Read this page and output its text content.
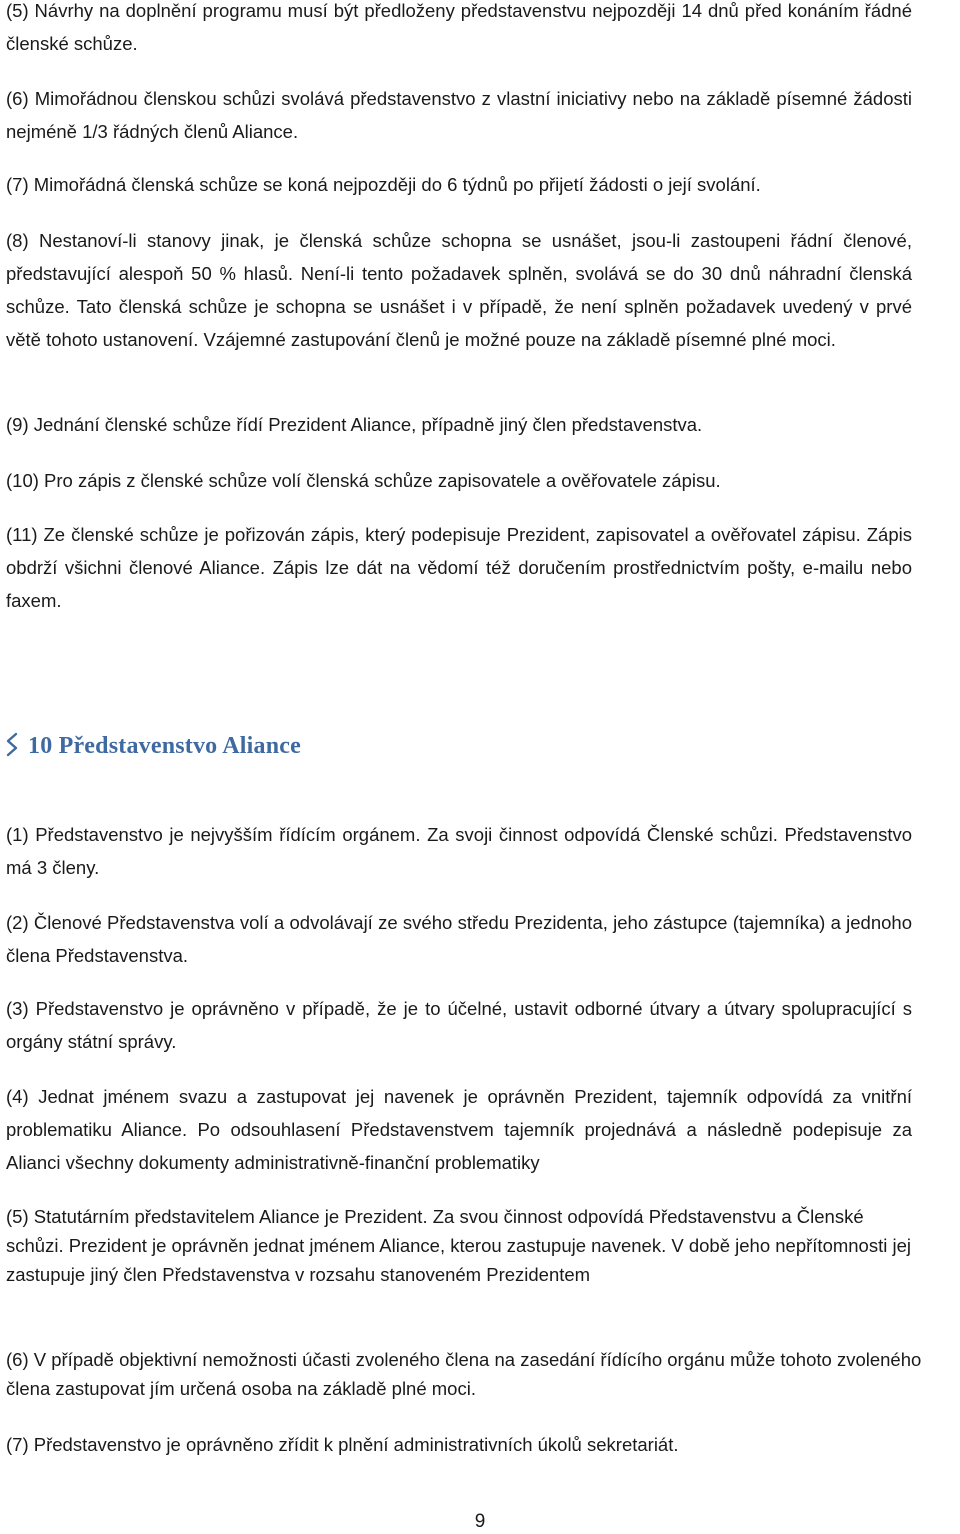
(5) Návrhy na doplnění programu musí být předloženy představenstvu nejpozději 14 dnů před konáním řádné členské schůze.

(6) Mimořádnou členskou schůzi svolává představenstvo z vlastní iniciativy nebo na základě písemné žádosti nejméně 1/3 řádných členů Aliance.

(7) Mimořádná členská schůze se koná nejpozději do 6 týdnů po přijetí žádosti o její svolání.

(8) Nestanoví-li stanovy jinak, je členská schůze schopna se usnášet, jsou-li zastoupeni řádní členové, představující alespoň 50 % hlasů. Není-li tento požadavek splněn, svolává se do 30 dnů náhradní členská schůze. Tato členská schůze je schopna se usnášet i v případě, že není splněn požadavek uvedený v prvé větě tohoto ustanovení. Vzájemné zastupování členů je možné pouze na základě písemné plné moci.

(9) Jednání členské schůze řídí Prezident Aliance, případně jiný člen představenstva.

(10) Pro zápis z členské schůze volí členská schůze zapisovatele a ověřovatele zápisu.

(11) Ze členské schůze je pořizován zápis, který podepisuje Prezident, zapisovatel a ověřovatel zápisu. Zápis obdrží všichni členové Aliance. Zápis lze dát na vědomí též doručením prostřednictvím pošty, e-mailu nebo faxem.

10 Představenstvo Aliance

(1) Představenstvo je nejvyšším řídícím orgánem. Za svoji činnost odpovídá Členské schůzi. Představenstvo má 3 členy.

(2) Členové Představenstva volí a odvolávají ze svého středu Prezidenta, jeho zástupce (tajemníka) a jednoho člena Představenstva.

(3) Představenstvo je oprávněno v případě, že je to účelné, ustavit odborné útvary a útvary spolupracující s orgány státní správy.

(4) Jednat jménem svazu a zastupovat jej navenek je oprávněn Prezident, tajemník odpovídá za vnitřní problematiku Aliance. Po odsouhlasení Představenstvem tajemník projednává a následně podepisuje za Alianci všechny dokumenty administrativně-finanční problematiky

(5) Statutárním představitelem Aliance je Prezident. Za svou činnost odpovídá Představenstvu a Členské schůzi. Prezident je oprávněn jednat jménem Aliance, kterou zastupuje navenek. V době jeho nepřítomnosti jej zastupuje jiný člen Představenstva v rozsahu stanoveném Prezidentem

(6) V případě objektivní nemožnosti účasti zvoleného člena na zasedání řídícího orgánu může tohoto zvoleného člena zastupovat jím určená osoba na základě plné moci.

(7) Představenstvo je oprávněno zřídit k plnění administrativních úkolů sekretariát.

9
